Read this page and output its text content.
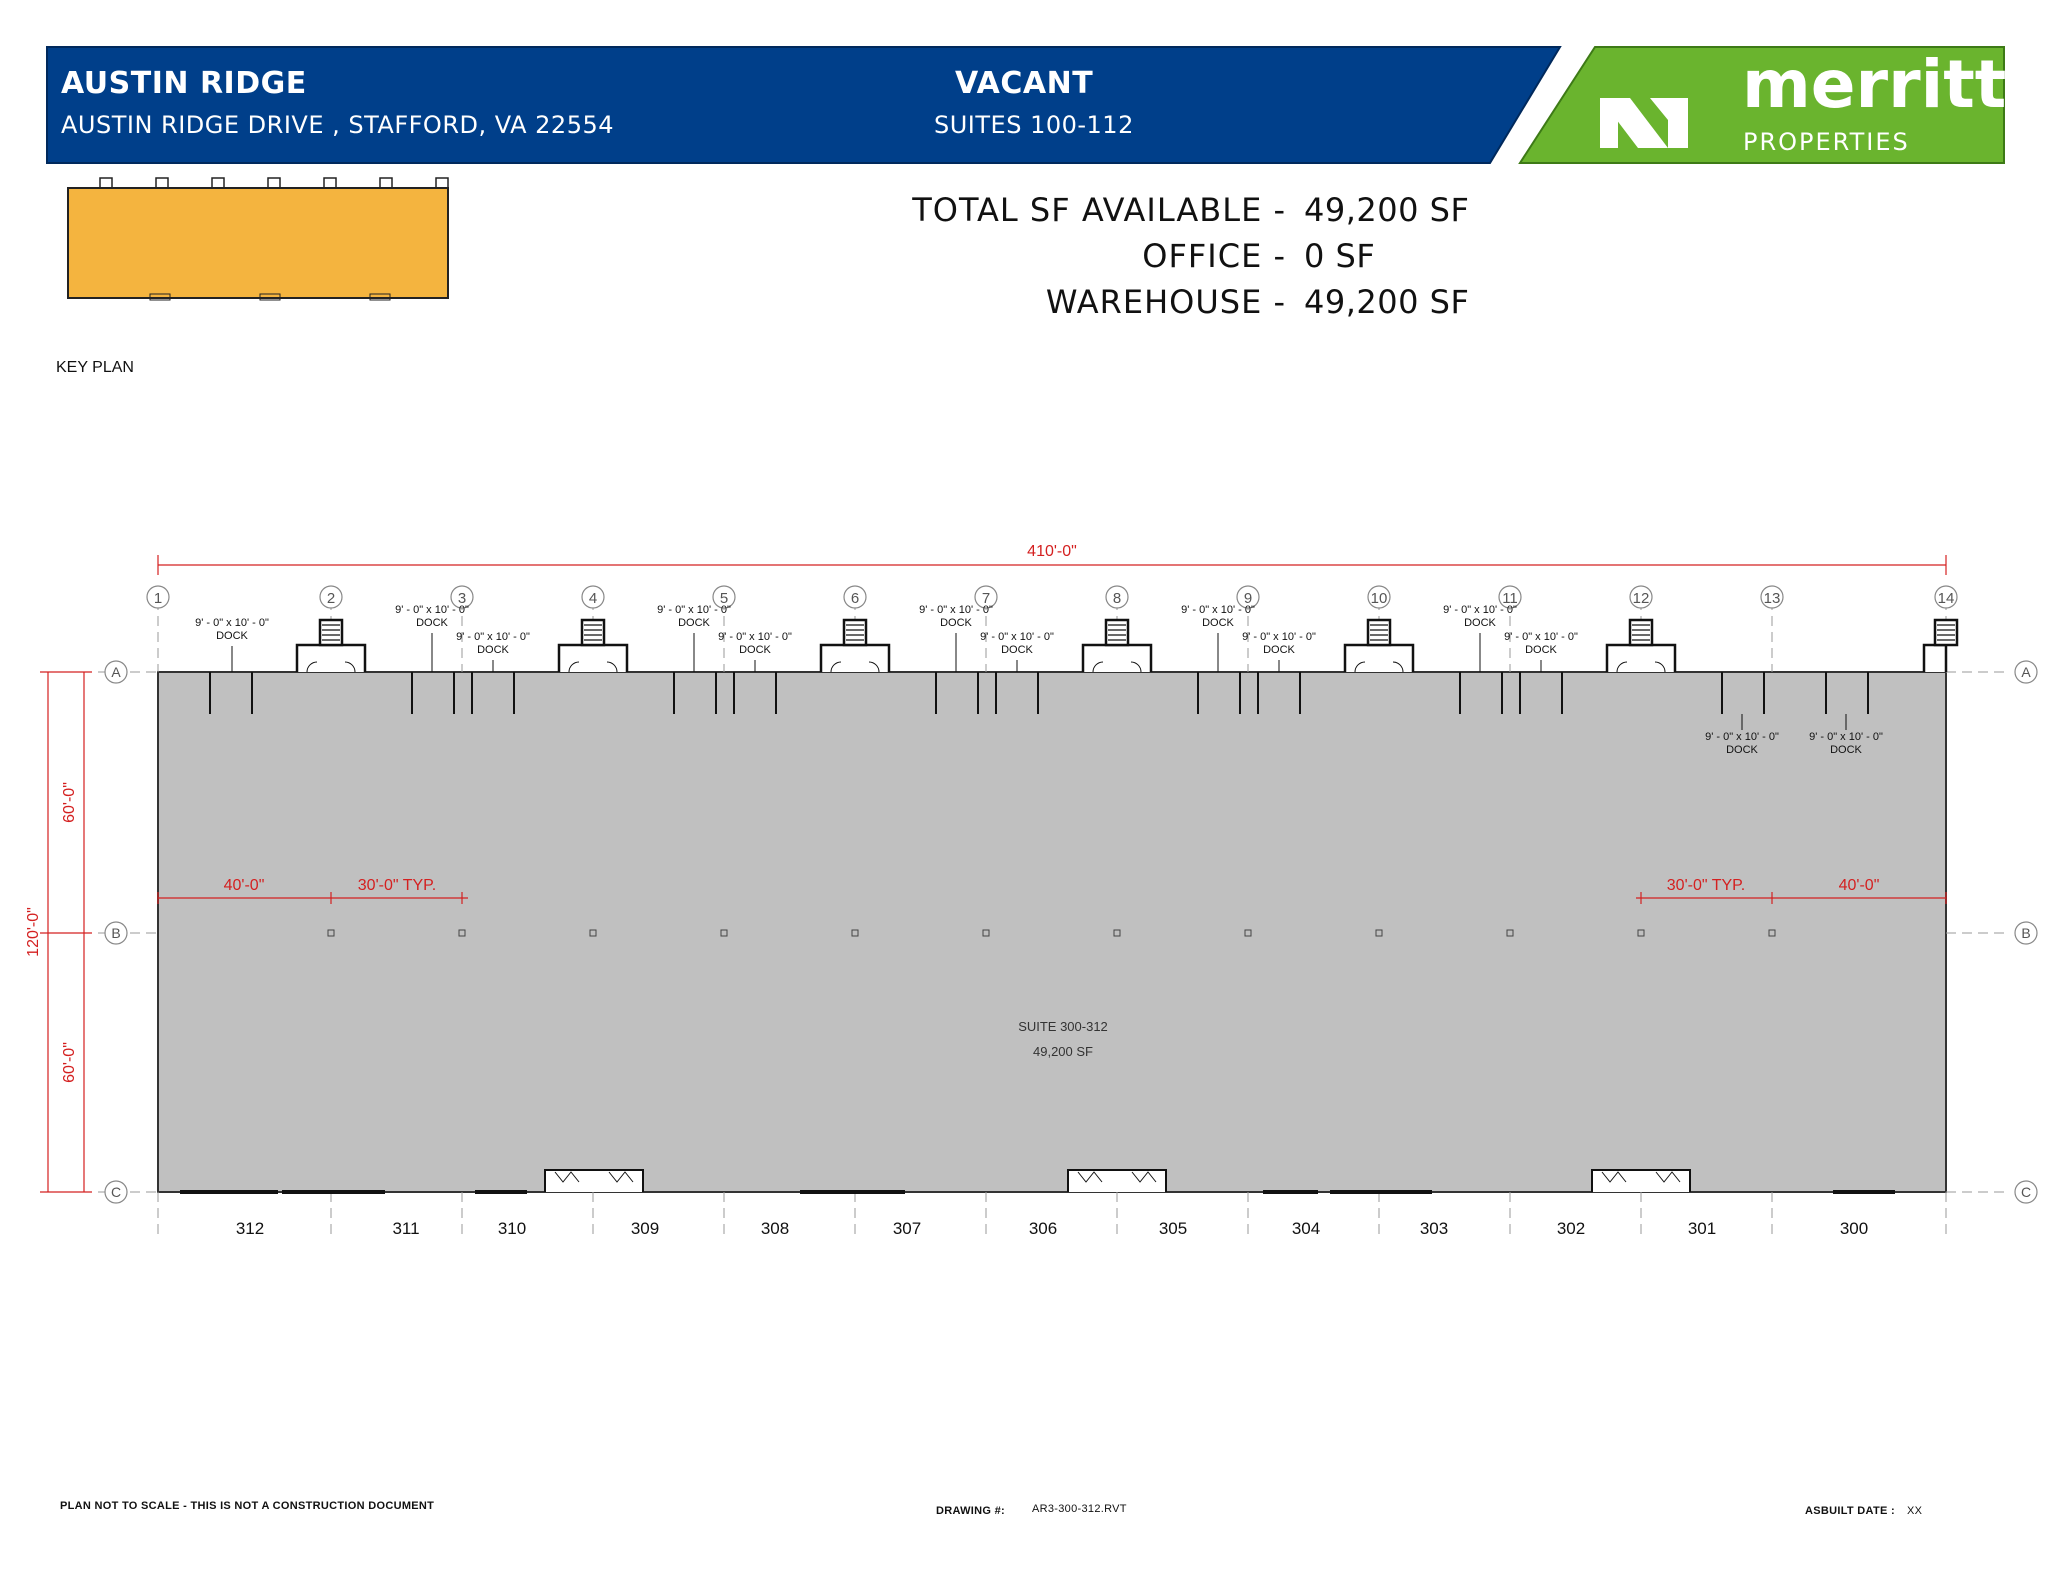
AUSTIN RIDGE
AUSTIN RIDGE DRIVE , STAFFORD, VA 22554
VACANT
SUITES 100-112
merritt
PROPERTIES
TOTAL SF AVAILABLE - 49,200 SF
OFFICE - 0 SF
WAREHOUSE - 49,200 SF
KEY PLAN
1	2	3	4	5	6	7	8	9	10	11	12	13	14
A	A
B	B
C	C
410'-0"
120'-0"
60'-0"
60'-0"
40'-0"	30'-0" TYP.	30'-0" TYP.	40'-0"
9' - 0" x 10' - 0"
DOCK
9' - 0" x 10' - 0"
DOCK
9' - 0" x 10' - 0"
DOCK
9' - 0" x 10' - 0"
DOCK
9' - 0" x 10' - 0"
DOCK
9' - 0" x 10' - 0"
DOCK
9' - 0" x 10' - 0"
DOCK
9' - 0" x 10' - 0"
DOCK
9' - 0" x 10' - 0"
DOCK
9' - 0" x 10' - 0"
DOCK
9' - 0" x 10' - 0"
DOCK
9' - 0" x 10' - 0"
DOCK
9' - 0" x 10' - 0"
DOCK
SUITE 300-312
49,200 SF
312	311	310	309	308	307	306	305	304	303	302	301	300
PLAN NOT TO SCALE - THIS IS NOT A CONSTRUCTION DOCUMENT	DRAWING #: AR3-300-312.RVT	ASBUILT DATE : XX
